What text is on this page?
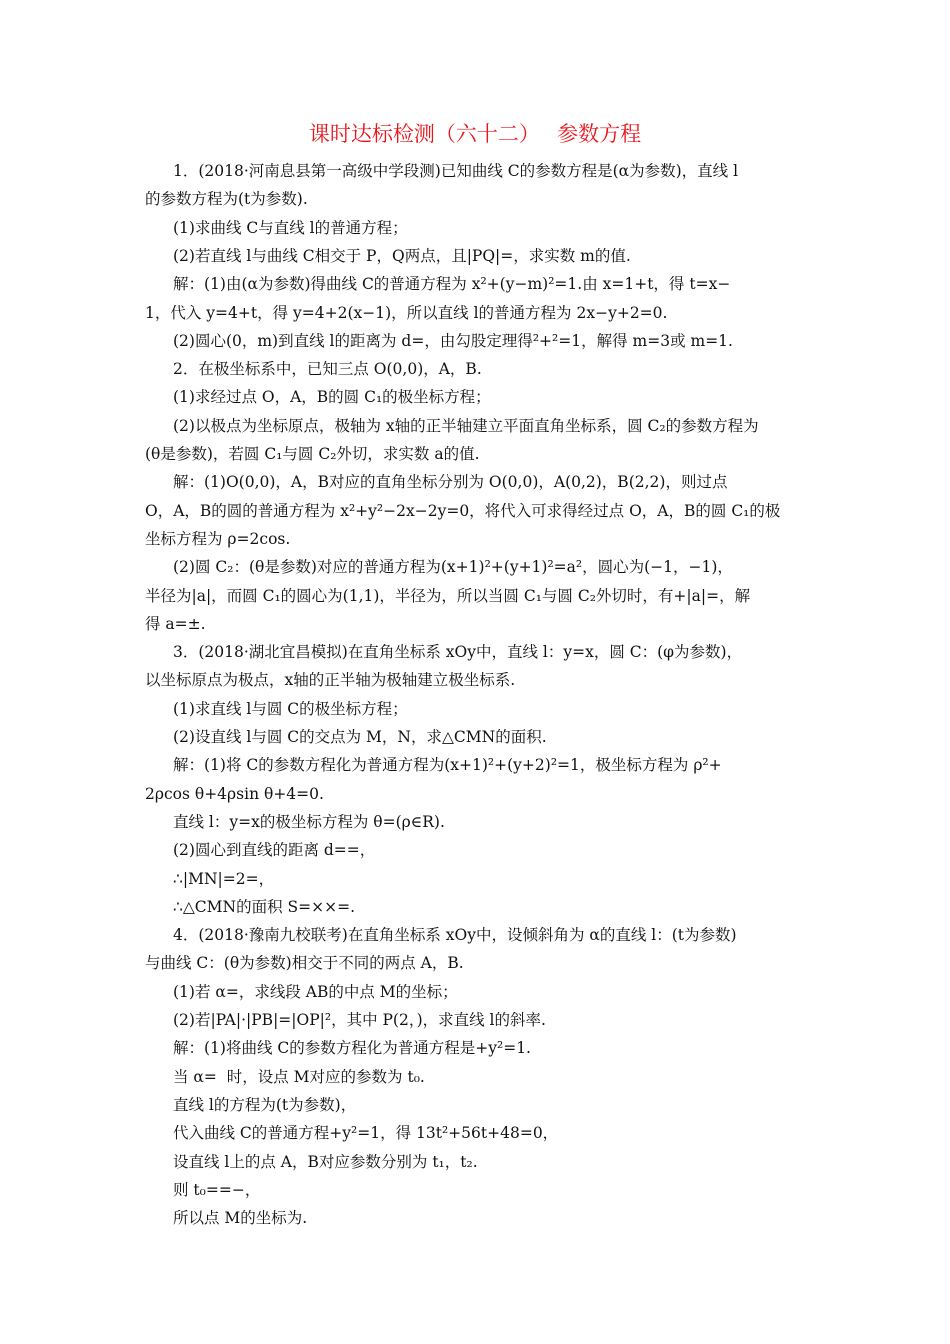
课时达标检测（六十二）　 参数方程
1．(2018·河南息县第一高级中学段测)已知曲线 C的参数方程是(α为参数)，直线 l
的参数方程为(t为参数).
(1)求曲线 C与直线 l的普通方程；
(2)若直线 l与曲线 C相交于 P，Q两点，且|PQ|=，求实数 m的值.
解：(1)由(α为参数)得曲线 C的普通方程为 x²+(y−m)²=1.由 x=1+t，得 t=x−
1，代入 y=4+t，得 y=4+2(x−1)，所以直线 l的普通方程为 2x−y+2=0.
(2)圆心(0，m)到直线 l的距离为 d=，由勾股定理得²+²=1，解得 m=3或 m=1.
2．在极坐标系中，已知三点 O(0,0)，A，B.
(1)求经过点 O，A，B的圆 C₁的极坐标方程；
(2)以极点为坐标原点，极轴为 x轴的正半轴建立平面直角坐标系，圆 C₂的参数方程为
(θ是参数)，若圆 C₁与圆 C₂外切，求实数 a的值.
解：(1)O(0,0)，A，B对应的直角坐标分别为 O(0,0)，A(0,2)，B(2,2)，则过点
O，A，B的圆的普通方程为 x²+y²−2x−2y=0，将代入可求得经过点 O，A，B的圆 C₁的极
坐标方程为 ρ=2cos.
(2)圆 C₂：(θ是参数)对应的普通方程为(x+1)²+(y+1)²=a²，圆心为(−1，−1)，
半径为|a|，而圆 C₁的圆心为(1,1)，半径为，所以当圆 C₁与圆 C₂外切时，有+|a|=，解
得 a=±.
3．(2018·湖北宜昌模拟)在直角坐标系 xOy中，直线 l：y=x，圆 C：(φ为参数)，
以坐标原点为极点，x轴的正半轴为极轴建立极坐标系.
(1)求直线 l与圆 C的极坐标方程；
(2)设直线 l与圆 C的交点为 M，N，求△CMN的面积.
解：(1)将 C的参数方程化为普通方程为(x+1)²+(y+2)²=1，极坐标方程为 ρ²+
2ρcos θ+4ρsin θ+4=0.
直线 l：y=x的极坐标方程为 θ=(ρ∈R).
(2)圆心到直线的距离 d==，
∴|MN|=2=，
∴△CMN的面积 S=××=.
4．(2018·豫南九校联考)在直角坐标系 xOy中，设倾斜角为 α的直线 l：(t为参数)
与曲线 C：(θ为参数)相交于不同的两点 A，B.
(1)若 α=，求线段 AB的中点 M的坐标；
(2)若|PA|·|PB|=|OP|²，其中 P(2，)，求直线 l的斜率.
解：(1)将曲线 C的参数方程化为普通方程是+y²=1.
当 α=  时，设点 M对应的参数为 t₀.
直线 l的方程为(t为参数)，
代入曲线 C的普通方程+y²=1，得 13t²+56t+48=0，
设直线 l上的点 A，B对应参数分别为 t₁，t₂.
则 t₀==−，
所以点 M的坐标为.
